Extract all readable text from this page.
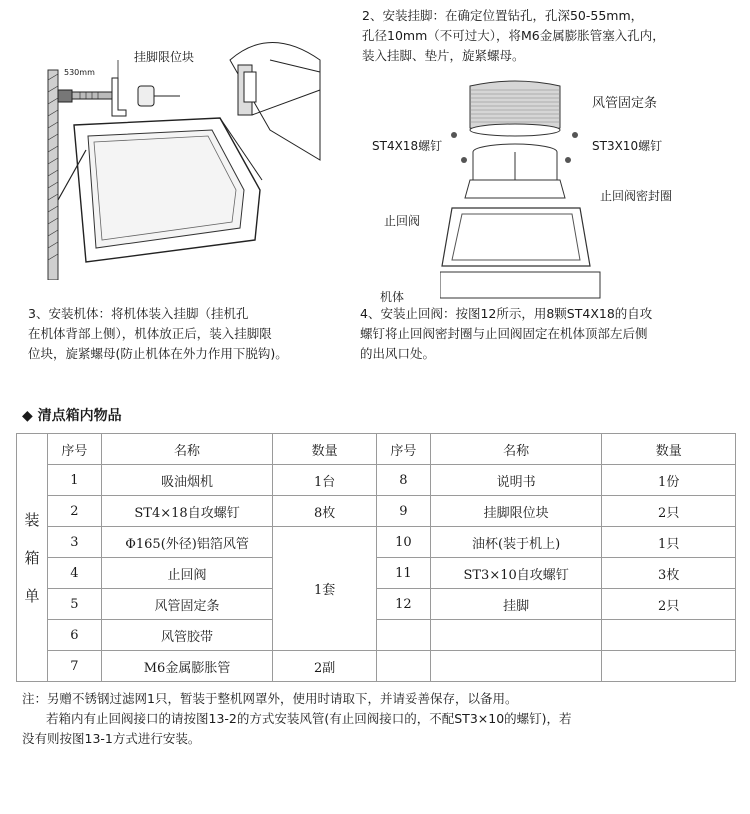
2、安装挂脚：在确定位置钻孔，孔深50-55mm，
孔径10mm（不可过大），将M6金属膨胀管塞入孔内，
装入挂脚、垫片，旋紧螺母。
挂脚限位块
530mm
风管固定条
ST4X18螺钉	ST3X10螺钉
止回阀密封圈
止回阀
机体
3、安装机体：将机体装入挂脚（挂机孔
在机体背部上侧），机体放正后，装入挂脚限
位块，旋紧螺母(防止机体在外力作用下脱钩)。
4、安装止回阀：按图12所示，用8颗ST4X18的自攻
螺钉将止回阀密封圈与止回阀固定在机体顶部左后侧
的出风口处。
◆ 清点箱内物品
装
箱
单	序号	名称	数量	序号	名称	数量
	1	吸油烟机	1台	8	说明书	1份
	2	ST4×18自攻螺钉	8枚	9	挂脚限位块	2只
	3	Φ165(外径)铝箔风管	1套	10	油杯(装于机上)	1只
	4	止回阀		11	ST3×10自攻螺钉	3枚
	5	风管固定条		12	挂脚	2只
	6	风管胶带				
	7	M6金属膨胀管	2副			
注：另赠不锈钢过滤网1只，暂装于整机网罩外，使用时请取下，并请妥善保存，以备用。
若箱内有止回阀接口的请按图13-2的方式安装风管(有止回阀接口的，不配ST3×10的螺钉)，若
没有则按图13-1方式进行安装。
